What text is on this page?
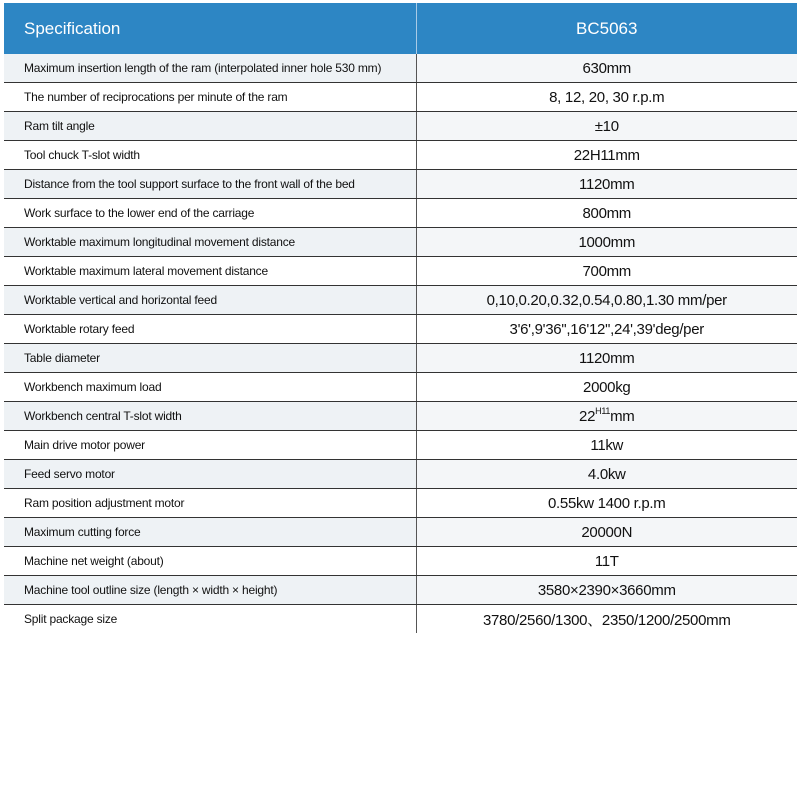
Specification	BC5063
Maximum insertion length of the ram (interpolated inner hole 530 mm)	630mm
The number of reciprocations per minute of the ram	8, 12, 20, 30 r.p.m
Ram tilt angle	±10
Tool chuck T-slot width	22H11mm
Distance from the tool support surface to the front wall of the bed	1120mm
Work surface to the lower end of the carriage	800mm
Worktable maximum longitudinal movement distance	1000mm
Worktable maximum lateral movement distance	700mm
Worktable vertical and horizontal feed	0,10,0.20,0.32,0.54,0.80,1.30 mm/per
Worktable rotary feed	3'6',9'36'',16'12'',24',39'deg/per
Table diameter	1120mm
Workbench maximum load	2000kg
Workbench central T-slot width	$22^{H11}mm$
Main drive motor power	11kw
Feed servo motor	4.0kw
Ram position adjustment motor	0.55kw 1400 r.p.m
Maximum cutting force	20000N
Machine net weight (about)	11T
Machine tool outline size (length × width × height)	3580×2390×3660mm
Split package size	3780/2560/1300、2350/1200/2500mm
